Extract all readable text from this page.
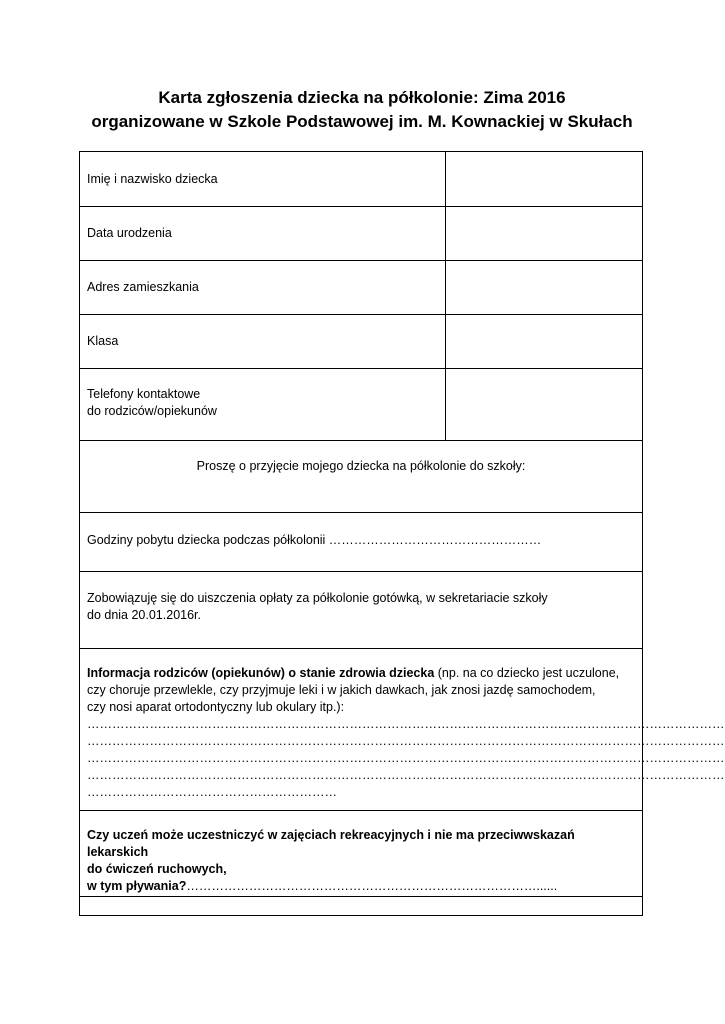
Karta zgłoszenia dziecka na półkolonie: Zima 2016
organizowane w Szkole Podstawowej im. M. Kownackiej w Skułach
Imię i nazwisko dziecka
Data urodzenia
Adres zamieszkania
Klasa
Telefony kontaktowe
do rodziców/opiekunów
Proszę o przyjęcie mojego dziecka na półkolonie do szkoły:
Godziny pobytu dziecka podczas półkolonii ……………………………………………
Zobowiązuję się do uiszczenia opłaty za półkolonie gotówką, w sekretariacie szkoły
do dnia 20.01.2016r.
Informacja rodziców (opiekunów) o stanie zdrowia dziecka (np. na co dziecko jest uczulone,
czy choruje przewlekle, czy przyjmuje leki i w jakich dawkach, jak znosi jazdę samochodem,
czy nosi aparat ortodontyczny lub okulary itp.):
………………………………………………………………………………………………………………………………………
………………………………………………………………………………………………………………………………………
………………………………………………………………………………………………………………………………………
………………………………………………………………………………………………………………………………………
……………………………………………………
Czy uczeń może uczestniczyć w zajęciach rekreacyjnych i nie ma przeciwwskazań lekarskich
do ćwiczeń ruchowych,
w tym pływania?…………………………………………………………………………......
